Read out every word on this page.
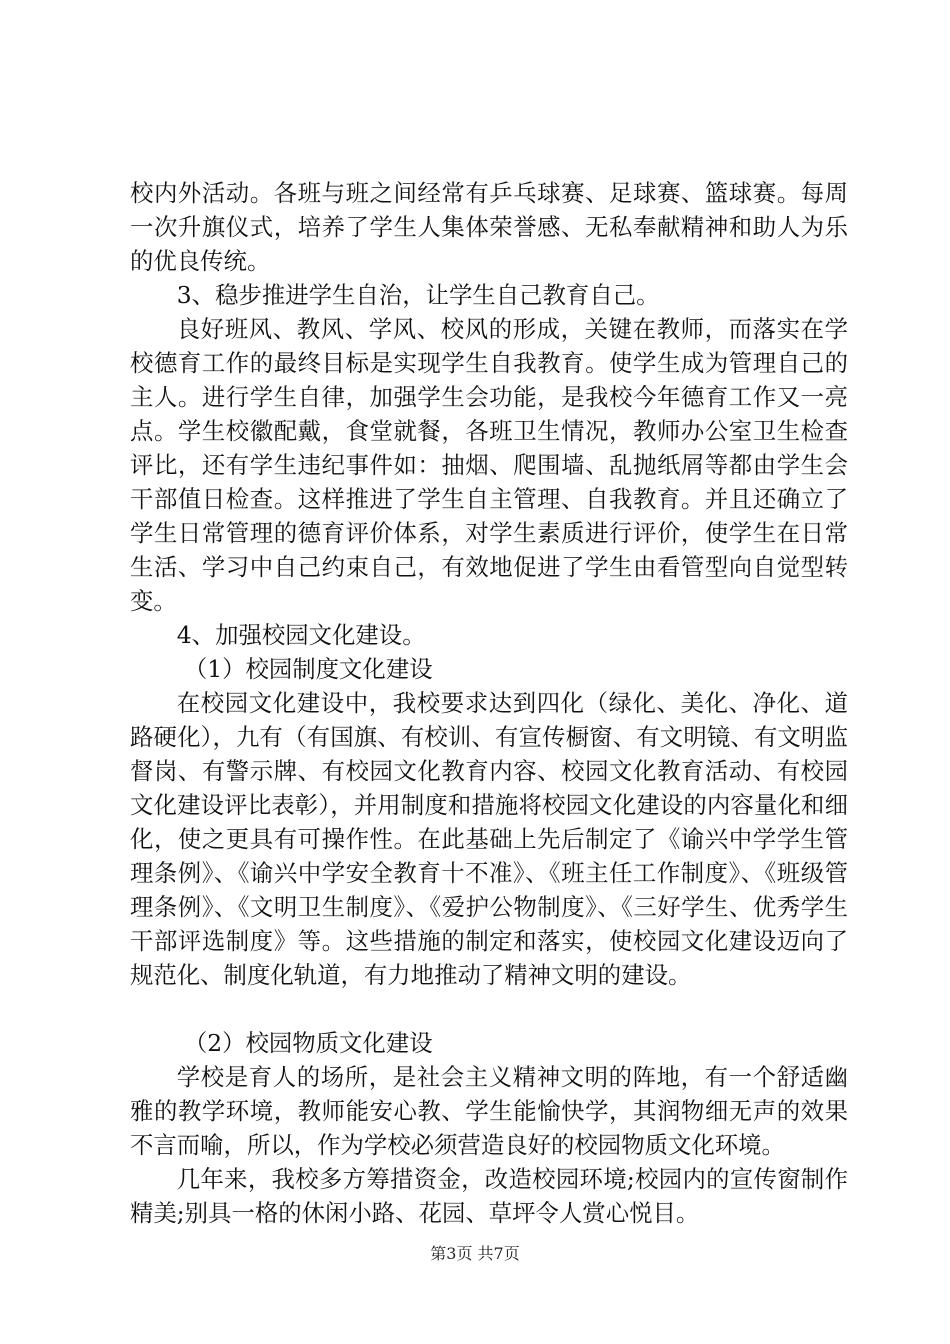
校内外活动。各班与班之间经常有乒乓球赛、足球赛、篮球赛。每周一次升旗仪式，培养了学生人集体荣誉感、无私奉献精神和助人为乐的优良传统。

3、稳步推进学生自治，让学生自己教育自己。

良好班风、教风、学风、校风的形成，关键在教师，而落实在学校德育工作的最终目标是实现学生自我教育。使学生成为管理自己的主人。进行学生自律，加强学生会功能，是我校今年德育工作又一亮点。学生校徽配戴，食堂就餐，各班卫生情况，教师办公室卫生检查评比，还有学生违纪事件如：抽烟、爬围墙、乱抛纸屑等都由学生会干部值日检查。这样推进了学生自主管理、自我教育。并且还确立了学生日常管理的德育评价体系，对学生素质进行评价，使学生在日常生活、学习中自己约束自己，有效地促进了学生由看管型向自觉型转变。

4、加强校园文化建设。

（1）校园制度文化建设

在校园文化建设中，我校要求达到四化（绿化、美化、净化、道路硬化），九有（有国旗、有校训、有宣传橱窗、有文明镜、有文明监督岗、有警示牌、有校园文化教育内容、校园文化教育活动、有校园文化建设评比表彰），并用制度和措施将校园文化建设的内容量化和细化，使之更具有可操作性。在此基础上先后制定了《谕兴中学学生管理条例》、《谕兴中学安全教育十不准》、《班主任工作制度》、《班级管理条例》、《文明卫生制度》、《爱护公物制度》、《三好学生、优秀学生干部评选制度》等。这些措施的制定和落实，使校园文化建设迈向了规范化、制度化轨道，有力地推动了精神文明的建设。

（2）校园物质文化建设

学校是育人的场所，是社会主义精神文明的阵地，有一个舒适幽雅的教学环境，教师能安心教、学生能愉快学，其润物细无声的效果不言而喻，所以，作为学校必须营造良好的校园物质文化环境。

几年来，我校多方筹措资金，改造校园环境;校园内的宣传窗制作精美;别具一格的休闲小路、花园、草坪令人赏心悦目。

第3页 共7页
